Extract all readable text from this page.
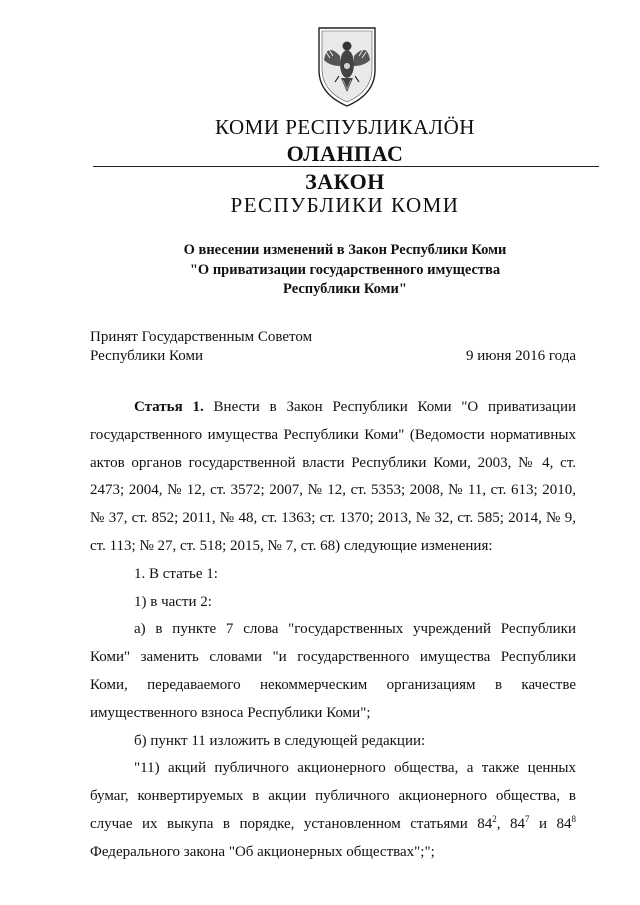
КОМИ РЕСПУБЛИКАЛӦН
ОЛАНПАС
ЗАКОН
РЕСПУБЛИКИ КОМИ
О внесении изменений в Закон Республики Коми
"О приватизации государственного имущества
Республики Коми"
Принят Государственным Советом
Республики Коми	9 июня 2016 года

Статья 1. Внести в Закон Республики Коми "О приватизации государственного имущества Республики Коми" (Ведомости нормативных актов органов государственной власти Республики Коми, 2003, № 4, ст. 2473; 2004, № 12, ст. 3572; 2007, № 12, ст. 5353; 2008, № 11, ст. 613; 2010, № 37, ст. 852; 2011, № 48, ст. 1363; ст. 1370; 2013, № 32, ст. 585; 2014, № 9, ст. 113; № 27, ст. 518; 2015, № 7, ст. 68) следующие изменения:

1. В статье 1:

1) в части 2:

а) в пункте 7 слова "государственных учреждений Республики Коми" заменить словами "и государственного имущества Республики Коми, передаваемого некоммерческим организациям в качестве имущественного взноса Республики Коми";

б) пункт 11 изложить в следующей редакции:

"11) акций публичного акционерного общества, а также ценных бумаг, конвертируемых в акции публичного акционерного общества, в случае их выкупа в порядке, установленном статьями $84^2$, $84^7$ и $84^8$ Федерального закона "Об акционерных обществах";";
